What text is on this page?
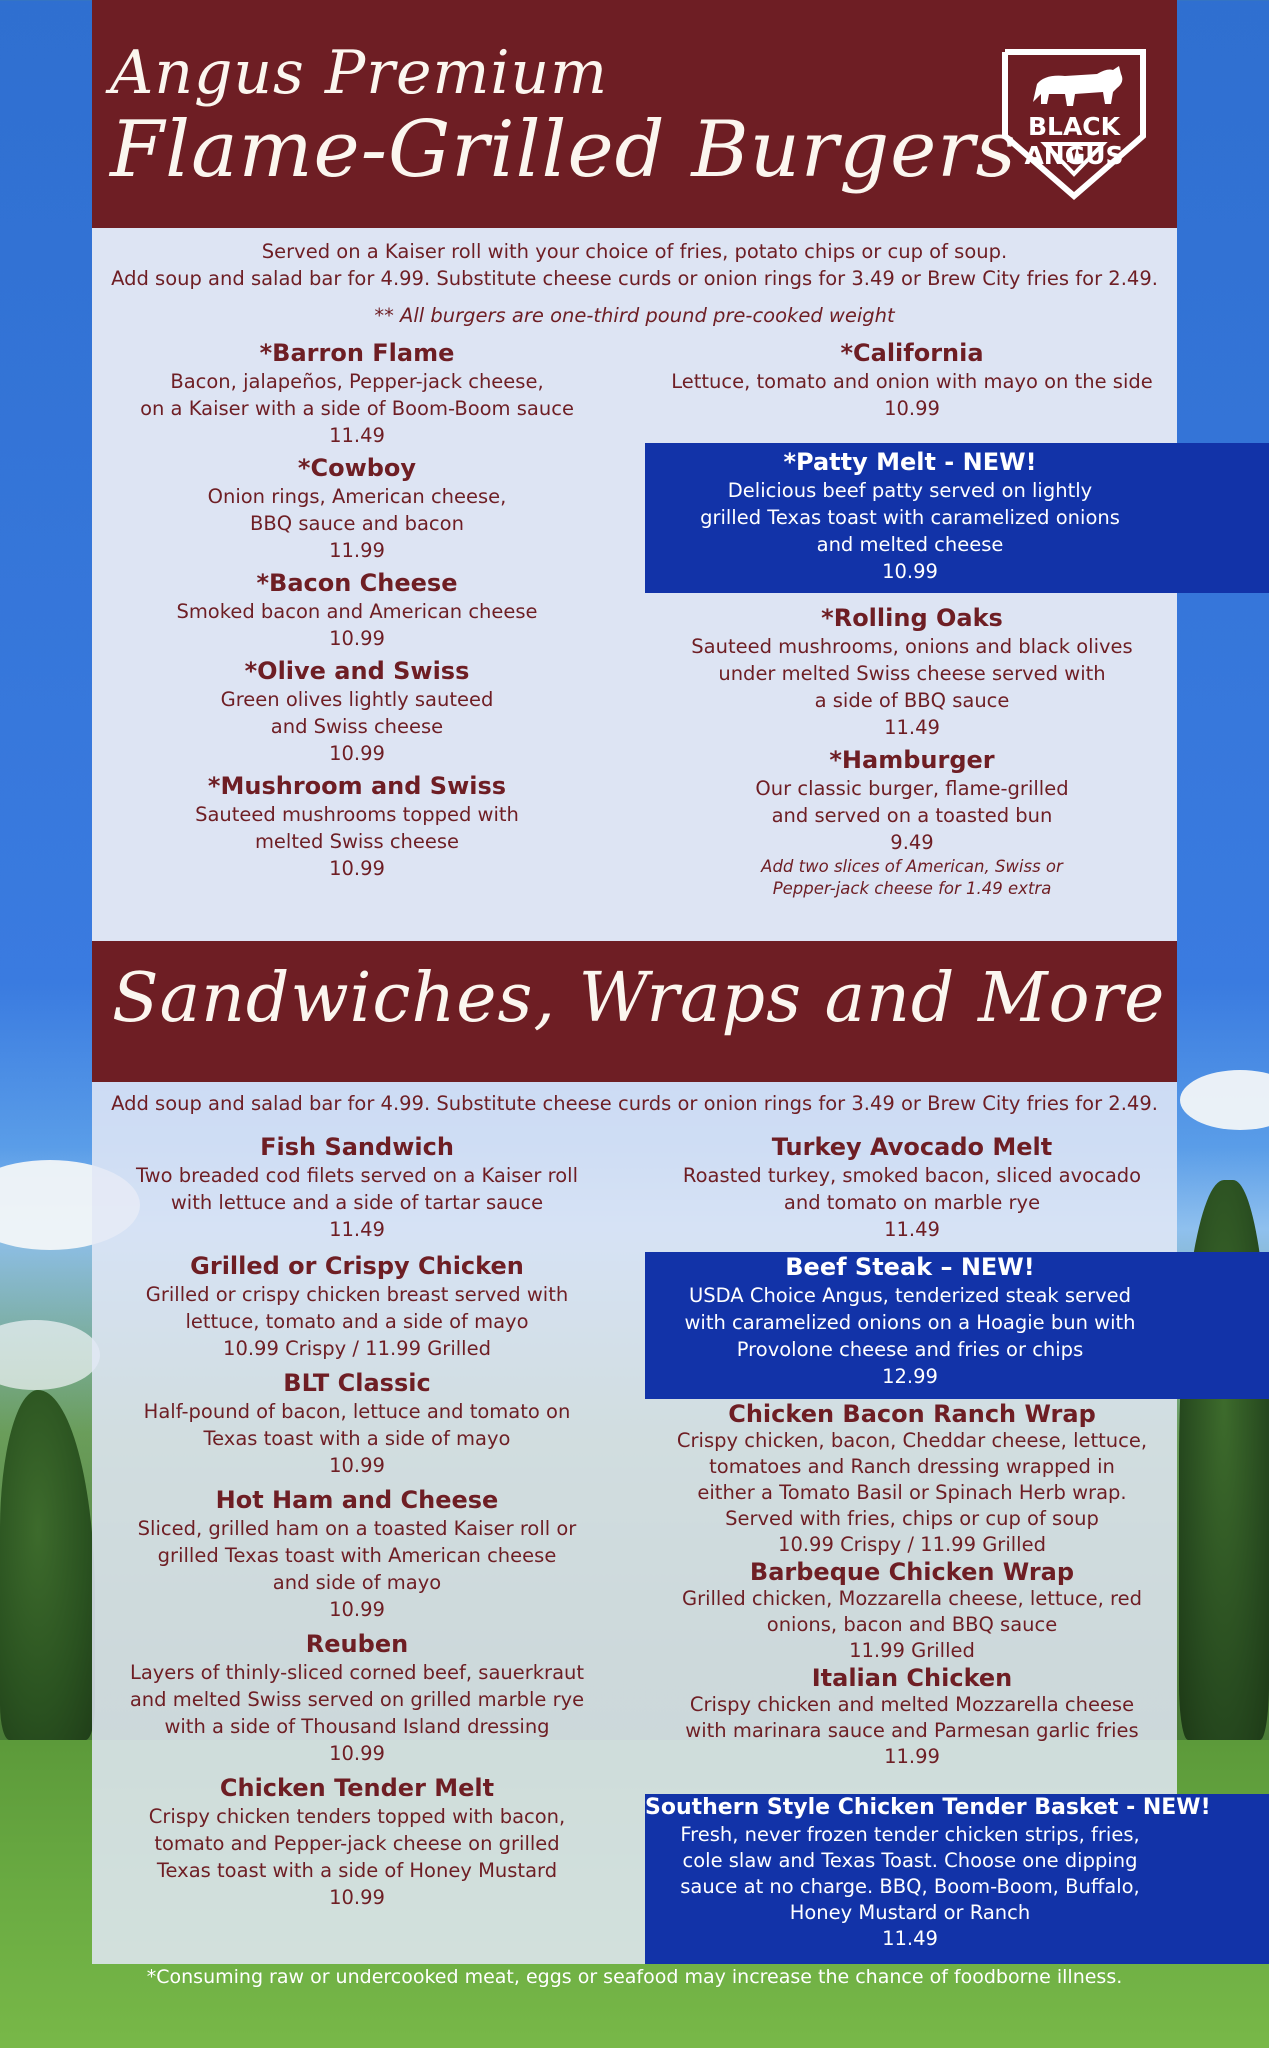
Angus Premium
Flame-Grilled Burgers BLACK ANGUS
Served on a Kaiser roll with your choice of fries, potato chips or cup of soup.
Add soup and salad bar for 4.99. Substitute cheese curds or onion rings for 3.49 or Brew City fries for 2.49.
** All burgers are one-third pound pre-cooked weight
*Barron Flame
Bacon, jalapeños, Pepper-jack cheese,
on a Kaiser with a side of Boom-Boom sauce
11.49
*Cowboy
Onion rings, American cheese,
BBQ sauce and bacon
11.99
*Bacon Cheese
Smoked bacon and American cheese
10.99
*Olive and Swiss
Green olives lightly sauteed
and Swiss cheese
10.99
*Mushroom and Swiss
Sauteed mushrooms topped with
melted Swiss cheese
10.99
*California
Lettuce, tomato and onion with mayo on the side
10.99
*Patty Melt - NEW!
Delicious beef patty served on lightly
grilled Texas toast with caramelized onions
and melted cheese
10.99
*Rolling Oaks
Sauteed mushrooms, onions and black olives
under melted Swiss cheese served with
a side of BBQ sauce
11.49
*Hamburger
Our classic burger, flame-grilled
and served on a toasted bun
9.49
Add two slices of American, Swiss or
Pepper-jack cheese for 1.49 extra
Sandwiches, Wraps and More
Add soup and salad bar for 4.99. Substitute cheese curds or onion rings for 3.49 or Brew City fries for 2.49.
Fish Sandwich
Two breaded cod filets served on a Kaiser roll
with lettuce and a side of tartar sauce
11.49
Grilled or Crispy Chicken
Grilled or crispy chicken breast served with
lettuce, tomato and a side of mayo
10.99 Crispy / 11.99 Grilled
BLT Classic
Half-pound of bacon, lettuce and tomato on
Texas toast with a side of mayo
10.99
Hot Ham and Cheese
Sliced, grilled ham on a toasted Kaiser roll or
grilled Texas toast with American cheese
and side of mayo
10.99
Reuben
Layers of thinly-sliced corned beef, sauerkraut
and melted Swiss served on grilled marble rye
with a side of Thousand Island dressing
10.99
Chicken Tender Melt
Crispy chicken tenders topped with bacon,
tomato and Pepper-jack cheese on grilled
Texas toast with a side of Honey Mustard
10.99
Turkey Avocado Melt
Roasted turkey, smoked bacon, sliced avocado
and tomato on marble rye
11.49
Beef Steak – NEW!
USDA Choice Angus, tenderized steak served
with caramelized onions on a Hoagie bun with
Provolone cheese and fries or chips
12.99
Chicken Bacon Ranch Wrap
Crispy chicken, bacon, Cheddar cheese, lettuce,
tomatoes and Ranch dressing wrapped in
either a Tomato Basil or Spinach Herb wrap.
Served with fries, chips or cup of soup
10.99 Crispy / 11.99 Grilled
Barbeque Chicken Wrap
Grilled chicken, Mozzarella cheese, lettuce, red
onions, bacon and BBQ sauce
11.99 Grilled
Italian Chicken
Crispy chicken and melted Mozzarella cheese
with marinara sauce and Parmesan garlic fries
11.99
Southern Style Chicken Tender Basket - NEW!
Fresh, never frozen tender chicken strips, fries,
cole slaw and Texas Toast. Choose one dipping
sauce at no charge. BBQ, Boom-Boom, Buffalo,
Honey Mustard or Ranch
11.49
*Consuming raw or undercooked meat, eggs or seafood may increase the chance of foodborne illness.
